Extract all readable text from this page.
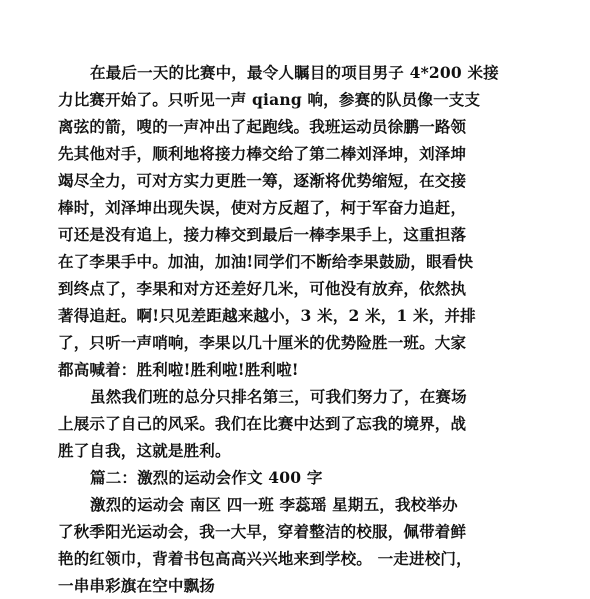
在最后一天的比赛中，最令人瞩目的项目男子 4*200 米接
力比赛开始了。只听见一声 qiang 响，参赛的队员像一支支
离弦的箭，嗖的一声冲出了起跑线。我班运动员徐鹏一路领
先其他对手，顺利地将接力棒交给了第二棒刘泽坤，刘泽坤
竭尽全力，可对方实力更胜一筹，逐渐将优势缩短，在交接
棒时，刘泽坤出现失误，使对方反超了，柯于军奋力追赶，
可还是没有追上，接力棒交到最后一棒李果手上，这重担落
在了李果手中。加油，加油!同学们不断给李果鼓励，眼看快
到终点了，李果和对方还差好几米，可他没有放弃，依然执
著得追赶。啊!只见差距越来越小，3 米，2 米，1 米，并排
了，只听一声哨响，李果以几十厘米的优势险胜一班。大家
都高喊着：胜利啦!胜利啦!胜利啦!
虽然我们班的总分只排名第三，可我们努力了，在赛场
上展示了自己的风采。我们在比赛中达到了忘我的境界，战
胜了自我，这就是胜利。
篇二：激烈的运动会作文 400 字
激烈的运动会 南区 四一班 李蕊瑶 星期五，我校举办
了秋季阳光运动会，我一大早，穿着整洁的校服，佩带着鲜
艳的红领巾，背着书包高高兴兴地来到学校。 一走进校门，
一串串彩旗在空中飘扬
